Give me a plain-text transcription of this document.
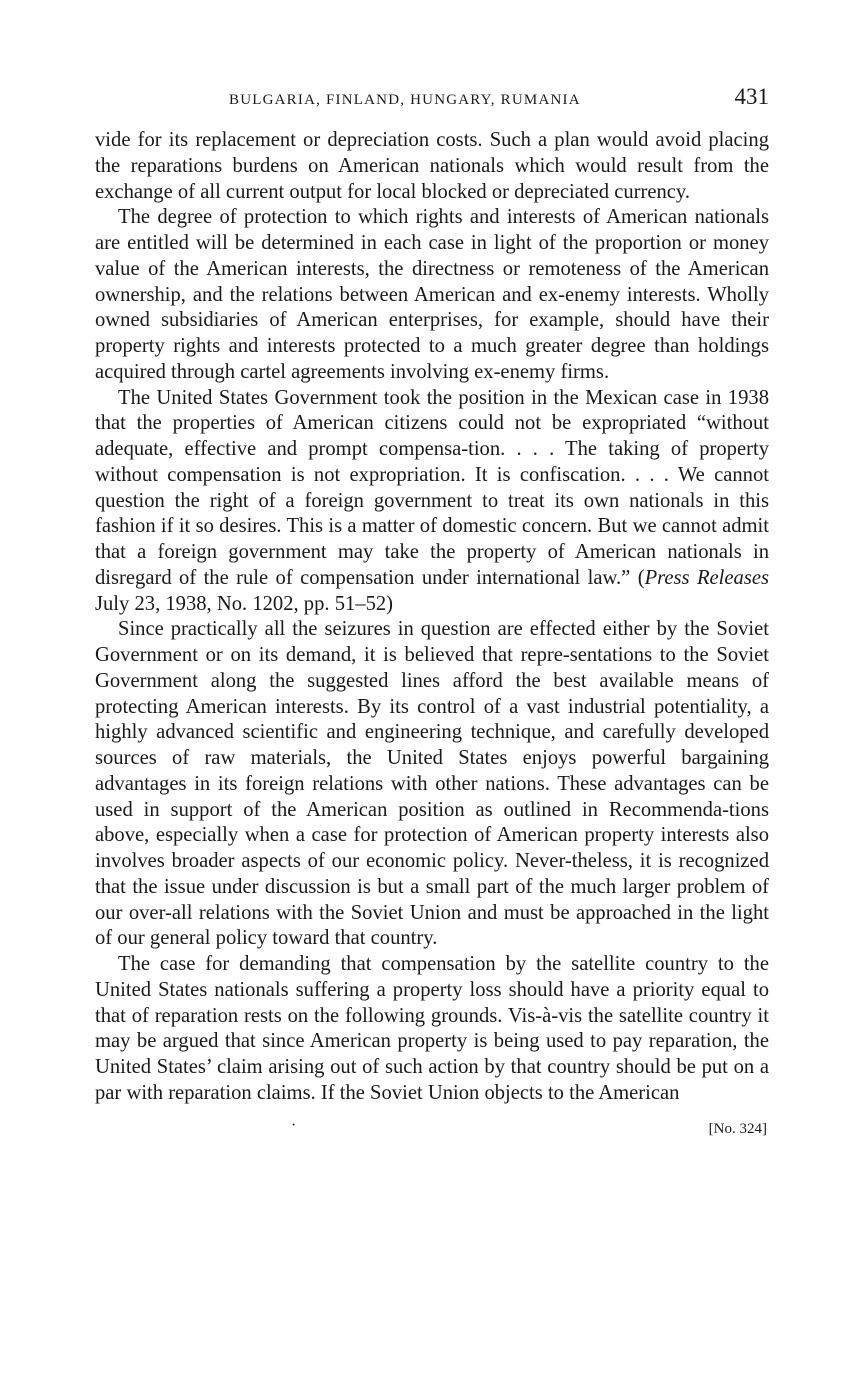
BULGARIA, FINLAND, HUNGARY, RUMANIA	431

vide for its replacement or depreciation costs. Such a plan would avoid placing the reparations burdens on American nationals which would result from the exchange of all current output for local blocked or depreciated currency.

The degree of protection to which rights and interests of American nationals are entitled will be determined in each case in light of the proportion or money value of the American interests, the directness or remoteness of the American ownership, and the relations between American and ex-enemy interests. Wholly owned subsidiaries of American enterprises, for example, should have their property rights and interests protected to a much greater degree than holdings acquired through cartel agreements involving ex-enemy firms.

The United States Government took the position in the Mexican case in 1938 that the properties of American citizens could not be expropriated “without adequate, effective and prompt compensa-tion. . . . The taking of property without compensation is not expropriation. It is confiscation. . . . We cannot question the right of a foreign government to treat its own nationals in this fashion if it so desires. This is a matter of domestic concern. But we cannot admit that a foreign government may take the property of American nationals in disregard of the rule of compensation under international law.” (Press Releases July 23, 1938, No. 1202, pp. 51–52)

Since practically all the seizures in question are effected either by the Soviet Government or on its demand, it is believed that repre-sentations to the Soviet Government along the suggested lines afford the best available means of protecting American interests. By its control of a vast industrial potentiality, a highly advanced scientific and engineering technique, and carefully developed sources of raw materials, the United States enjoys powerful bargaining advantages in its foreign relations with other nations. These advantages can be used in support of the American position as outlined in Recommenda-tions above, especially when a case for protection of American property interests also involves broader aspects of our economic policy. Never-theless, it is recognized that the issue under discussion is but a small part of the much larger problem of our over-all relations with the Soviet Union and must be approached in the light of our general policy toward that country.

The case for demanding that compensation by the satellite country to the United States nationals suffering a property loss should have a priority equal to that of reparation rests on the following grounds. Vis-à-vis the satellite country it may be argued that since American property is being used to pay reparation, the United States’ claim arising out of such action by that country should be put on a par with reparation claims. If the Soviet Union objects to the American

·	[No. 324]
